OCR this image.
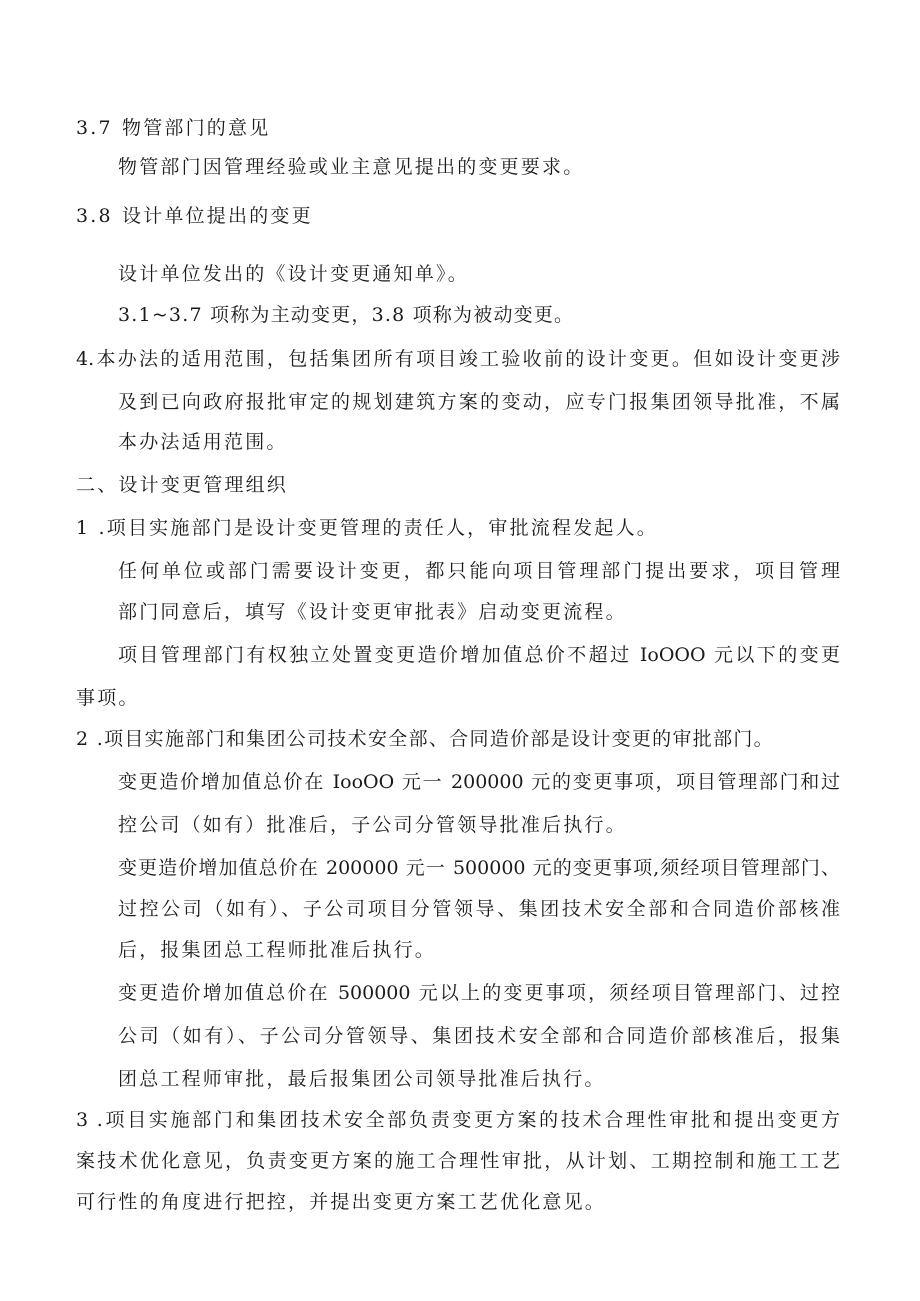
3.7 物管部门的意见
物管部门因管理经验或业主意见提出的变更要求。
3.8 设计单位提出的变更
设计单位发出的《设计变更通知单》。
3.1~3.7 项称为主动变更，3.8 项称为被动变更。
4.本办法的适用范围，包括集团所有项目竣工验收前的设计变更。但如设计变更涉
及到已向政府报批审定的规划建筑方案的变动，应专门报集团领导批准，不属
本办法适用范围。
二、设计变更管理组织
1 .项目实施部门是设计变更管理的责任人，审批流程发起人。
任何单位或部门需要设计变更，都只能向项目管理部门提出要求，项目管理
部门同意后，填写《设计变更审批表》启动变更流程。
项目管理部门有权独立处置变更造价增加值总价不超过 IoOOO 元以下的变更
事项。
2 .项目实施部门和集团公司技术安全部、合同造价部是设计变更的审批部门。
变更造价增加值总价在 IooOO 元一 200000 元的变更事项，项目管理部门和过
控公司（如有）批准后，子公司分管领导批准后执行。
变更造价增加值总价在 200000 元一 500000 元的变更事项,须经项目管理部门、
过控公司（如有）、子公司项目分管领导、集团技术安全部和合同造价部核准
后，报集团总工程师批准后执行。
变更造价增加值总价在 500000 元以上的变更事项，须经项目管理部门、过控
公司（如有）、子公司分管领导、集团技术安全部和合同造价部核准后，报集
团总工程师审批，最后报集团公司领导批准后执行。
3 .项目实施部门和集团技术安全部负责变更方案的技术合理性审批和提出变更方
案技术优化意见，负责变更方案的施工合理性审批，从计划、工期控制和施工工艺
可行性的角度进行把控，并提出变更方案工艺优化意见。
